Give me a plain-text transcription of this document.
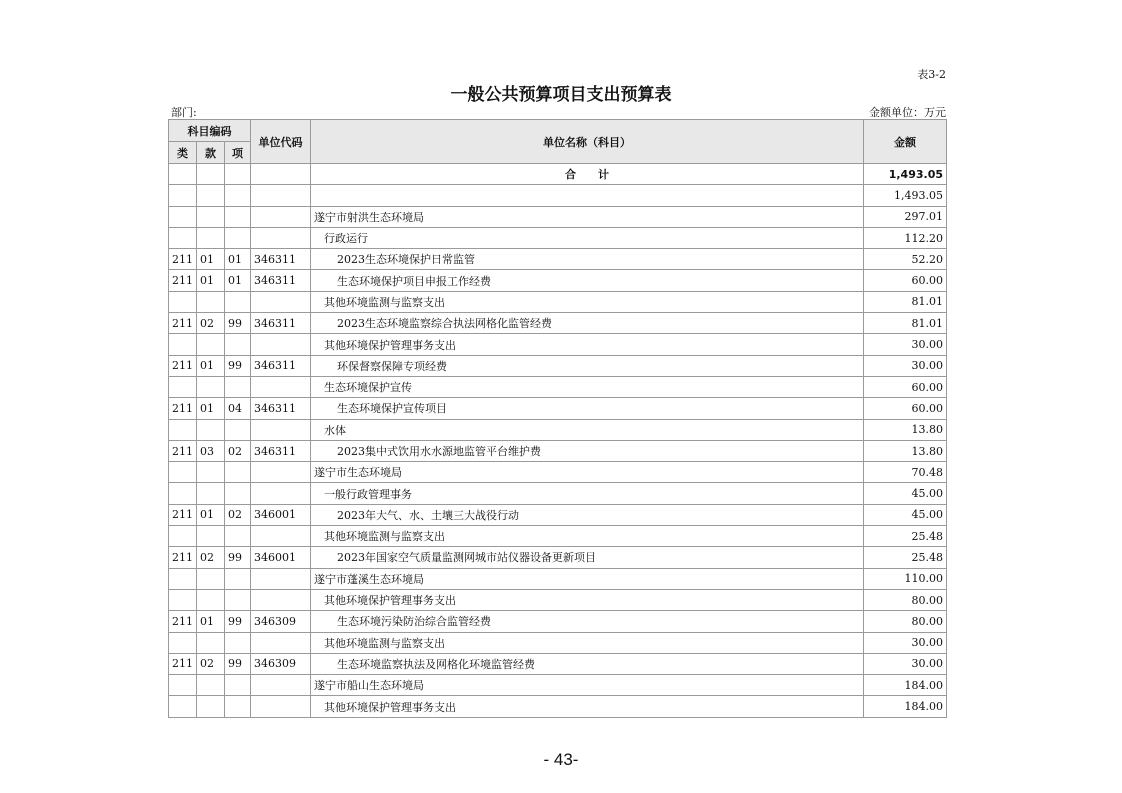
表3-2
一般公共预算项目支出预算表
部门:	金额单位：万元
科目编码			单位代码	单位名称（科目）	金额
类	款	项			
				合　　计	1,493.05
					1,493.05
				遂宁市射洪生态环境局	297.01
				行政运行	112.20
211	01	01	346311	2023生态环境保护日常监管	52.20
211	01	01	346311	生态环境保护项目申报工作经费	60.00
				其他环境监测与监察支出	81.01
211	02	99	346311	2023生态环境监察综合执法网格化监管经费	81.01
				其他环境保护管理事务支出	30.00
211	01	99	346311	环保督察保障专项经费	30.00
				生态环境保护宣传	60.00
211	01	04	346311	生态环境保护宣传项目	60.00
				水体	13.80
211	03	02	346311	2023集中式饮用水水源地监管平台维护费	13.80
				遂宁市生态环境局	70.48
				一般行政管理事务	45.00
211	01	02	346001	2023年大气、水、土壤三大战役行动	45.00
				其他环境监测与监察支出	25.48
211	02	99	346001	2023年国家空气质量监测网城市站仪器设备更新项目	25.48
				遂宁市蓬溪生态环境局	110.00
				其他环境保护管理事务支出	80.00
211	01	99	346309	生态环境污染防治综合监管经费	80.00
				其他环境监测与监察支出	30.00
211	02	99	346309	生态环境监察执法及网格化环境监管经费	30.00
				遂宁市船山生态环境局	184.00
				其他环境保护管理事务支出	184.00
- 43-
